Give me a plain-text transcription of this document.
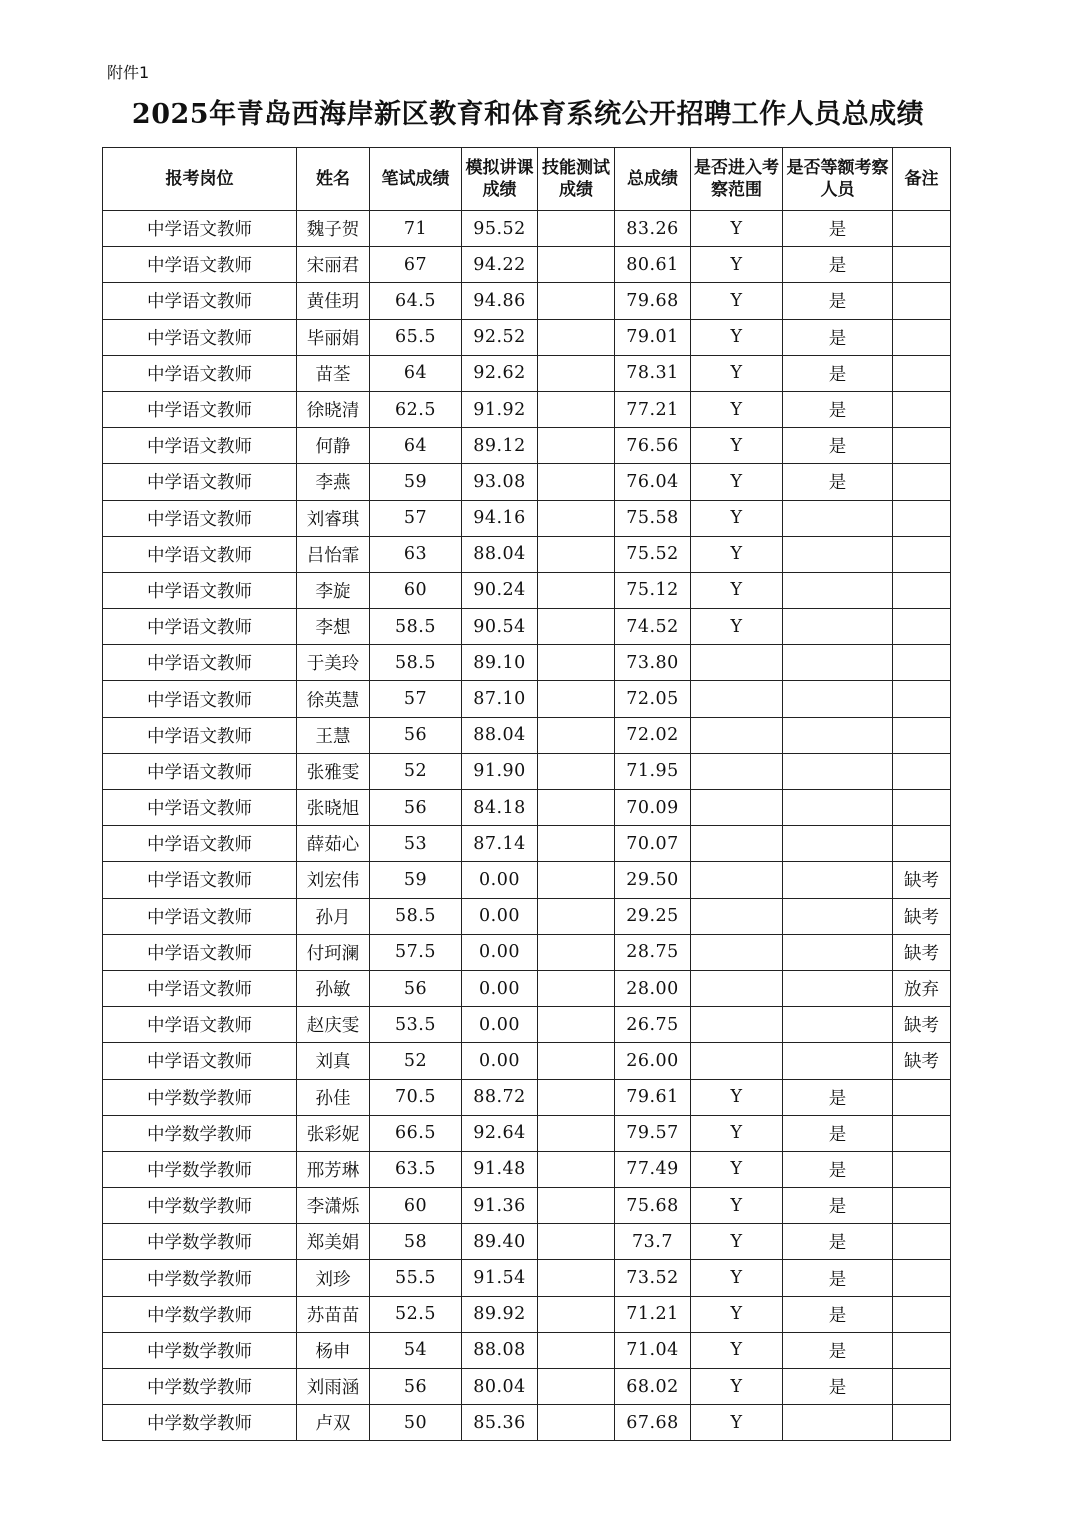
附件1
2025年青岛西海岸新区教育和体育系统公开招聘工作人员总成绩
报考岗位	姓名	笔试成绩	模拟讲课成绩	技能测试成绩	总成绩	是否进入考察范围	是否等额考察人员	备注
中学语文教师	魏子贺	71	95.52		83.26	Y	是	
中学语文教师	宋丽君	67	94.22		80.61	Y	是	
中学语文教师	黄佳玥	64.5	94.86		79.68	Y	是	
中学语文教师	毕丽娟	65.5	92.52		79.01	Y	是	
中学语文教师	苗荃	64	92.62		78.31	Y	是	
中学语文教师	徐晓清	62.5	91.92		77.21	Y	是	
中学语文教师	何静	64	89.12		76.56	Y	是	
中学语文教师	李燕	59	93.08		76.04	Y	是	
中学语文教师	刘睿琪	57	94.16		75.58	Y		
中学语文教师	吕怡霏	63	88.04		75.52	Y		
中学语文教师	李旋	60	90.24		75.12	Y		
中学语文教师	李想	58.5	90.54		74.52	Y		
中学语文教师	于美玲	58.5	89.10		73.80			
中学语文教师	徐英慧	57	87.10		72.05			
中学语文教师	王慧	56	88.04		72.02			
中学语文教师	张雅雯	52	91.90		71.95			
中学语文教师	张晓旭	56	84.18		70.09			
中学语文教师	薛茹心	53	87.14		70.07			
中学语文教师	刘宏伟	59	0.00		29.50			缺考
中学语文教师	孙月	58.5	0.00		29.25			缺考
中学语文教师	付珂澜	57.5	0.00		28.75			缺考
中学语文教师	孙敏	56	0.00		28.00			放弃
中学语文教师	赵庆雯	53.5	0.00		26.75			缺考
中学语文教师	刘真	52	0.00		26.00			缺考
中学数学教师	孙佳	70.5	88.72		79.61	Y	是	
中学数学教师	张彩妮	66.5	92.64		79.57	Y	是	
中学数学教师	邢芳琳	63.5	91.48		77.49	Y	是	
中学数学教师	李潇烁	60	91.36		75.68	Y	是	
中学数学教师	郑美娟	58	89.40		73.7	Y	是	
中学数学教师	刘珍	55.5	91.54		73.52	Y	是	
中学数学教师	苏苗苗	52.5	89.92		71.21	Y	是	
中学数学教师	杨申	54	88.08		71.04	Y	是	
中学数学教师	刘雨涵	56	80.04		68.02	Y	是	
中学数学教师	卢双	50	85.36		67.68	Y		
